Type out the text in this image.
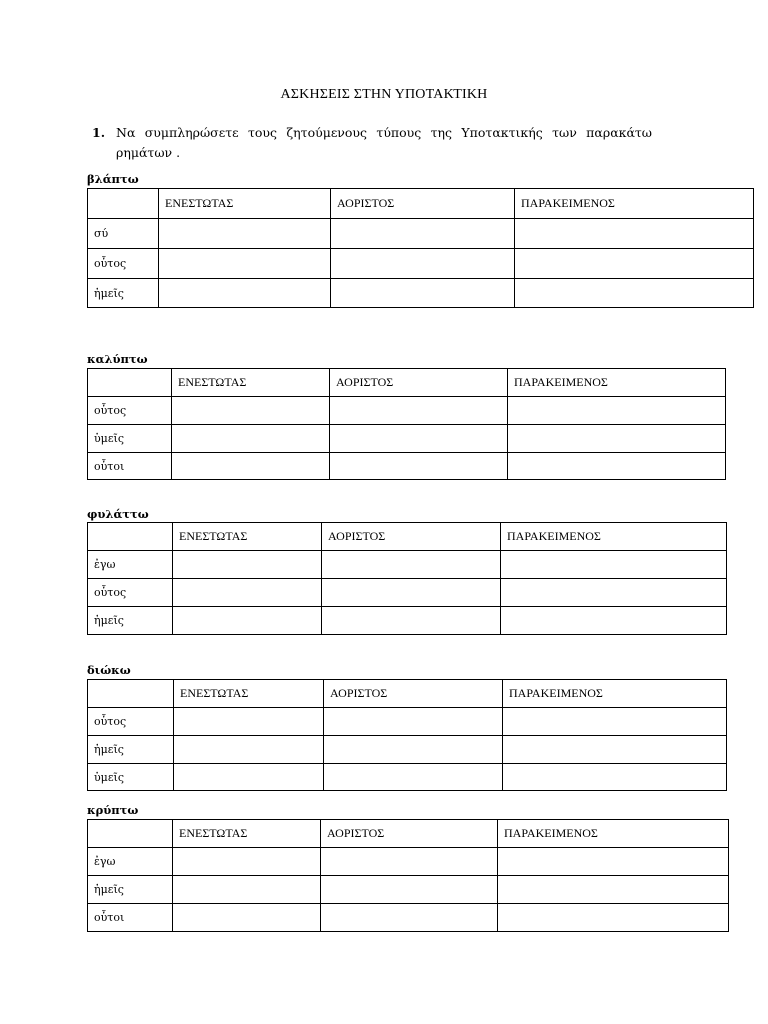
ΑΣΚΗΣΕΙΣ ΣΤΗΝ ΥΠΟΤΑΚΤΙΚΗ
1. Να συμπληρώσετε τους ζητούμενους τύπους της Υποτακτικής των παρακάτω ρημάτων .
βλάπτω
	ΕΝΕΣΤΩΤΑΣ	ΑΟΡΙΣΤΟΣ	ΠΑΡΑΚΕΙΜΕΝΟΣ
σύ			
οὗτος			
ἡμεῖς			
καλύπτω
	ΕΝΕΣΤΩΤΑΣ	ΑΟΡΙΣΤΟΣ	ΠΑΡΑΚΕΙΜΕΝΟΣ
οὗτος			
ὑμεῖς			
οὗτοι			
φυλάττω
	ΕΝΕΣΤΩΤΑΣ	ΑΟΡΙΣΤΟΣ	ΠΑΡΑΚΕΙΜΕΝΟΣ
ἐγω			
οὗτος			
ἡμεῖς			
διώκω
	ΕΝΕΣΤΩΤΑΣ	ΑΟΡΙΣΤΟΣ	ΠΑΡΑΚΕΙΜΕΝΟΣ
οὗτος			
ἡμεῖς			
ὑμεῖς			
κρύπτω
	ΕΝΕΣΤΩΤΑΣ	ΑΟΡΙΣΤΟΣ	ΠΑΡΑΚΕΙΜΕΝΟΣ
ἐγω			
ἡμεῖς			
οὗτοι			
